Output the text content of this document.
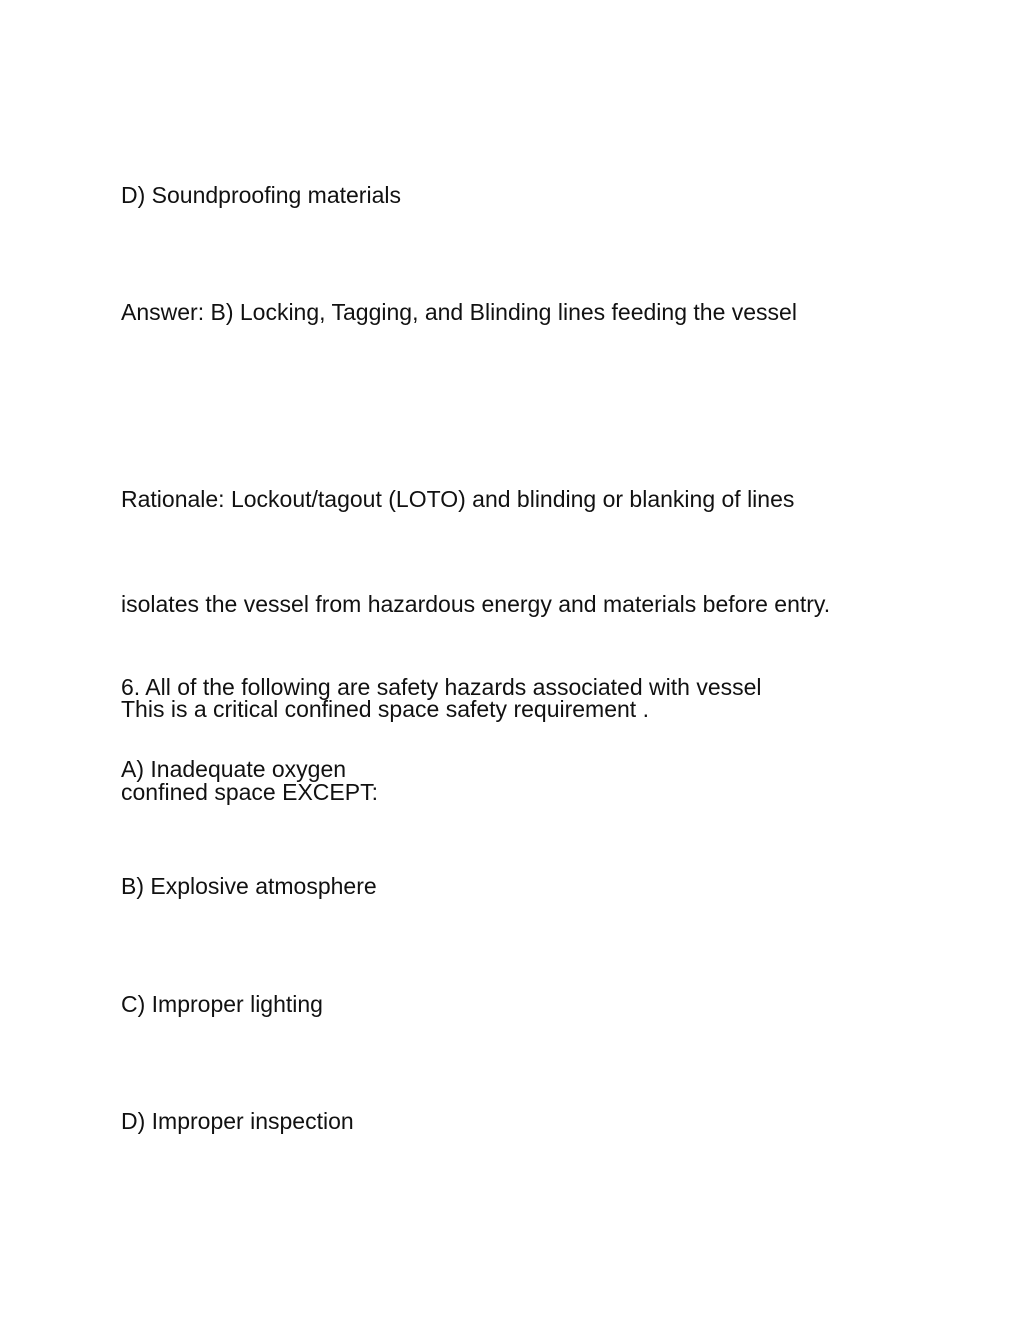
D) Soundproofing materials

Answer: B) Locking, Tagging, and Blinding lines feeding the vessel

Rationale: Lockout/tagout (LOTO) and blinding or blanking of lines

isolates the vessel from hazardous energy and materials before entry.

This is a critical confined space safety requirement .

6. All of the following are safety hazards associated with vessel

confined space EXCEPT:

A) Inadequate oxygen

B) Explosive atmosphere

C) Improper lighting

D) Improper inspection
